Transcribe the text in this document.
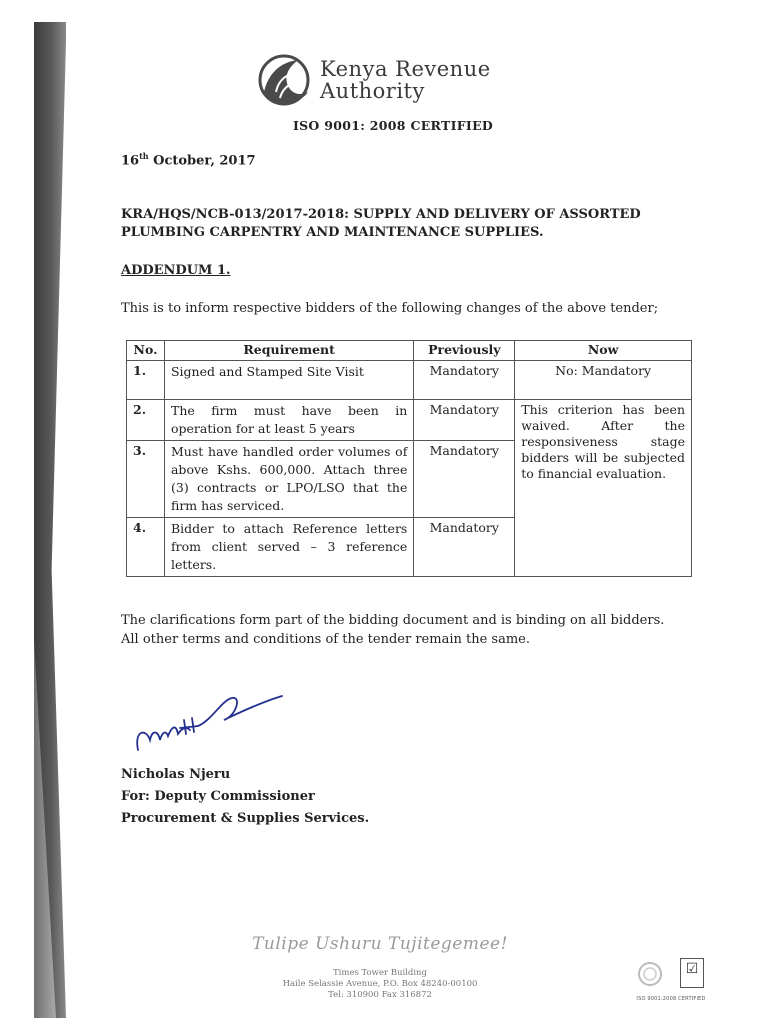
Kenya Revenue
Authority
ISO 9001: 2008 CERTIFIED
16th October, 2017
KRA/HQS/NCB-013/2017-2018: SUPPLY AND DELIVERY OF ASSORTED PLUMBING CARPENTRY AND MAINTENANCE SUPPLIES.
ADDENDUM 1.
This is to inform respective bidders of the following changes of the above tender;
No.	Requirement	Previously	Now
1.	Signed and Stamped Site Visit	Mandatory	No: Mandatory
2.	The firm must have been in operation for at least 5 years	Mandatory	This criterion has been waived. After the responsiveness stage bidders will be subjected to financial evaluation.
3.	Must have handled order volumes of above Kshs. 600,000. Attach three (3) contracts or LPO/LSO that the firm has serviced.	Mandatory	
4.	Bidder to attach Reference letters from client served – 3 reference letters.	Mandatory	
The clarifications form part of the bidding document and is binding on all bidders.
All other terms and conditions of the tender remain the same.
Nicholas Njeru
For: Deputy Commissioner
Procurement & Supplies Services.
Tulipe Ushuru Tujitegemee!
Times Tower Building
Haile Selassie Avenue, P.O. Box 48240-00100
Tel: 310900 Fax 316872
☑
ISO 9001:2008 CERTIFIED
